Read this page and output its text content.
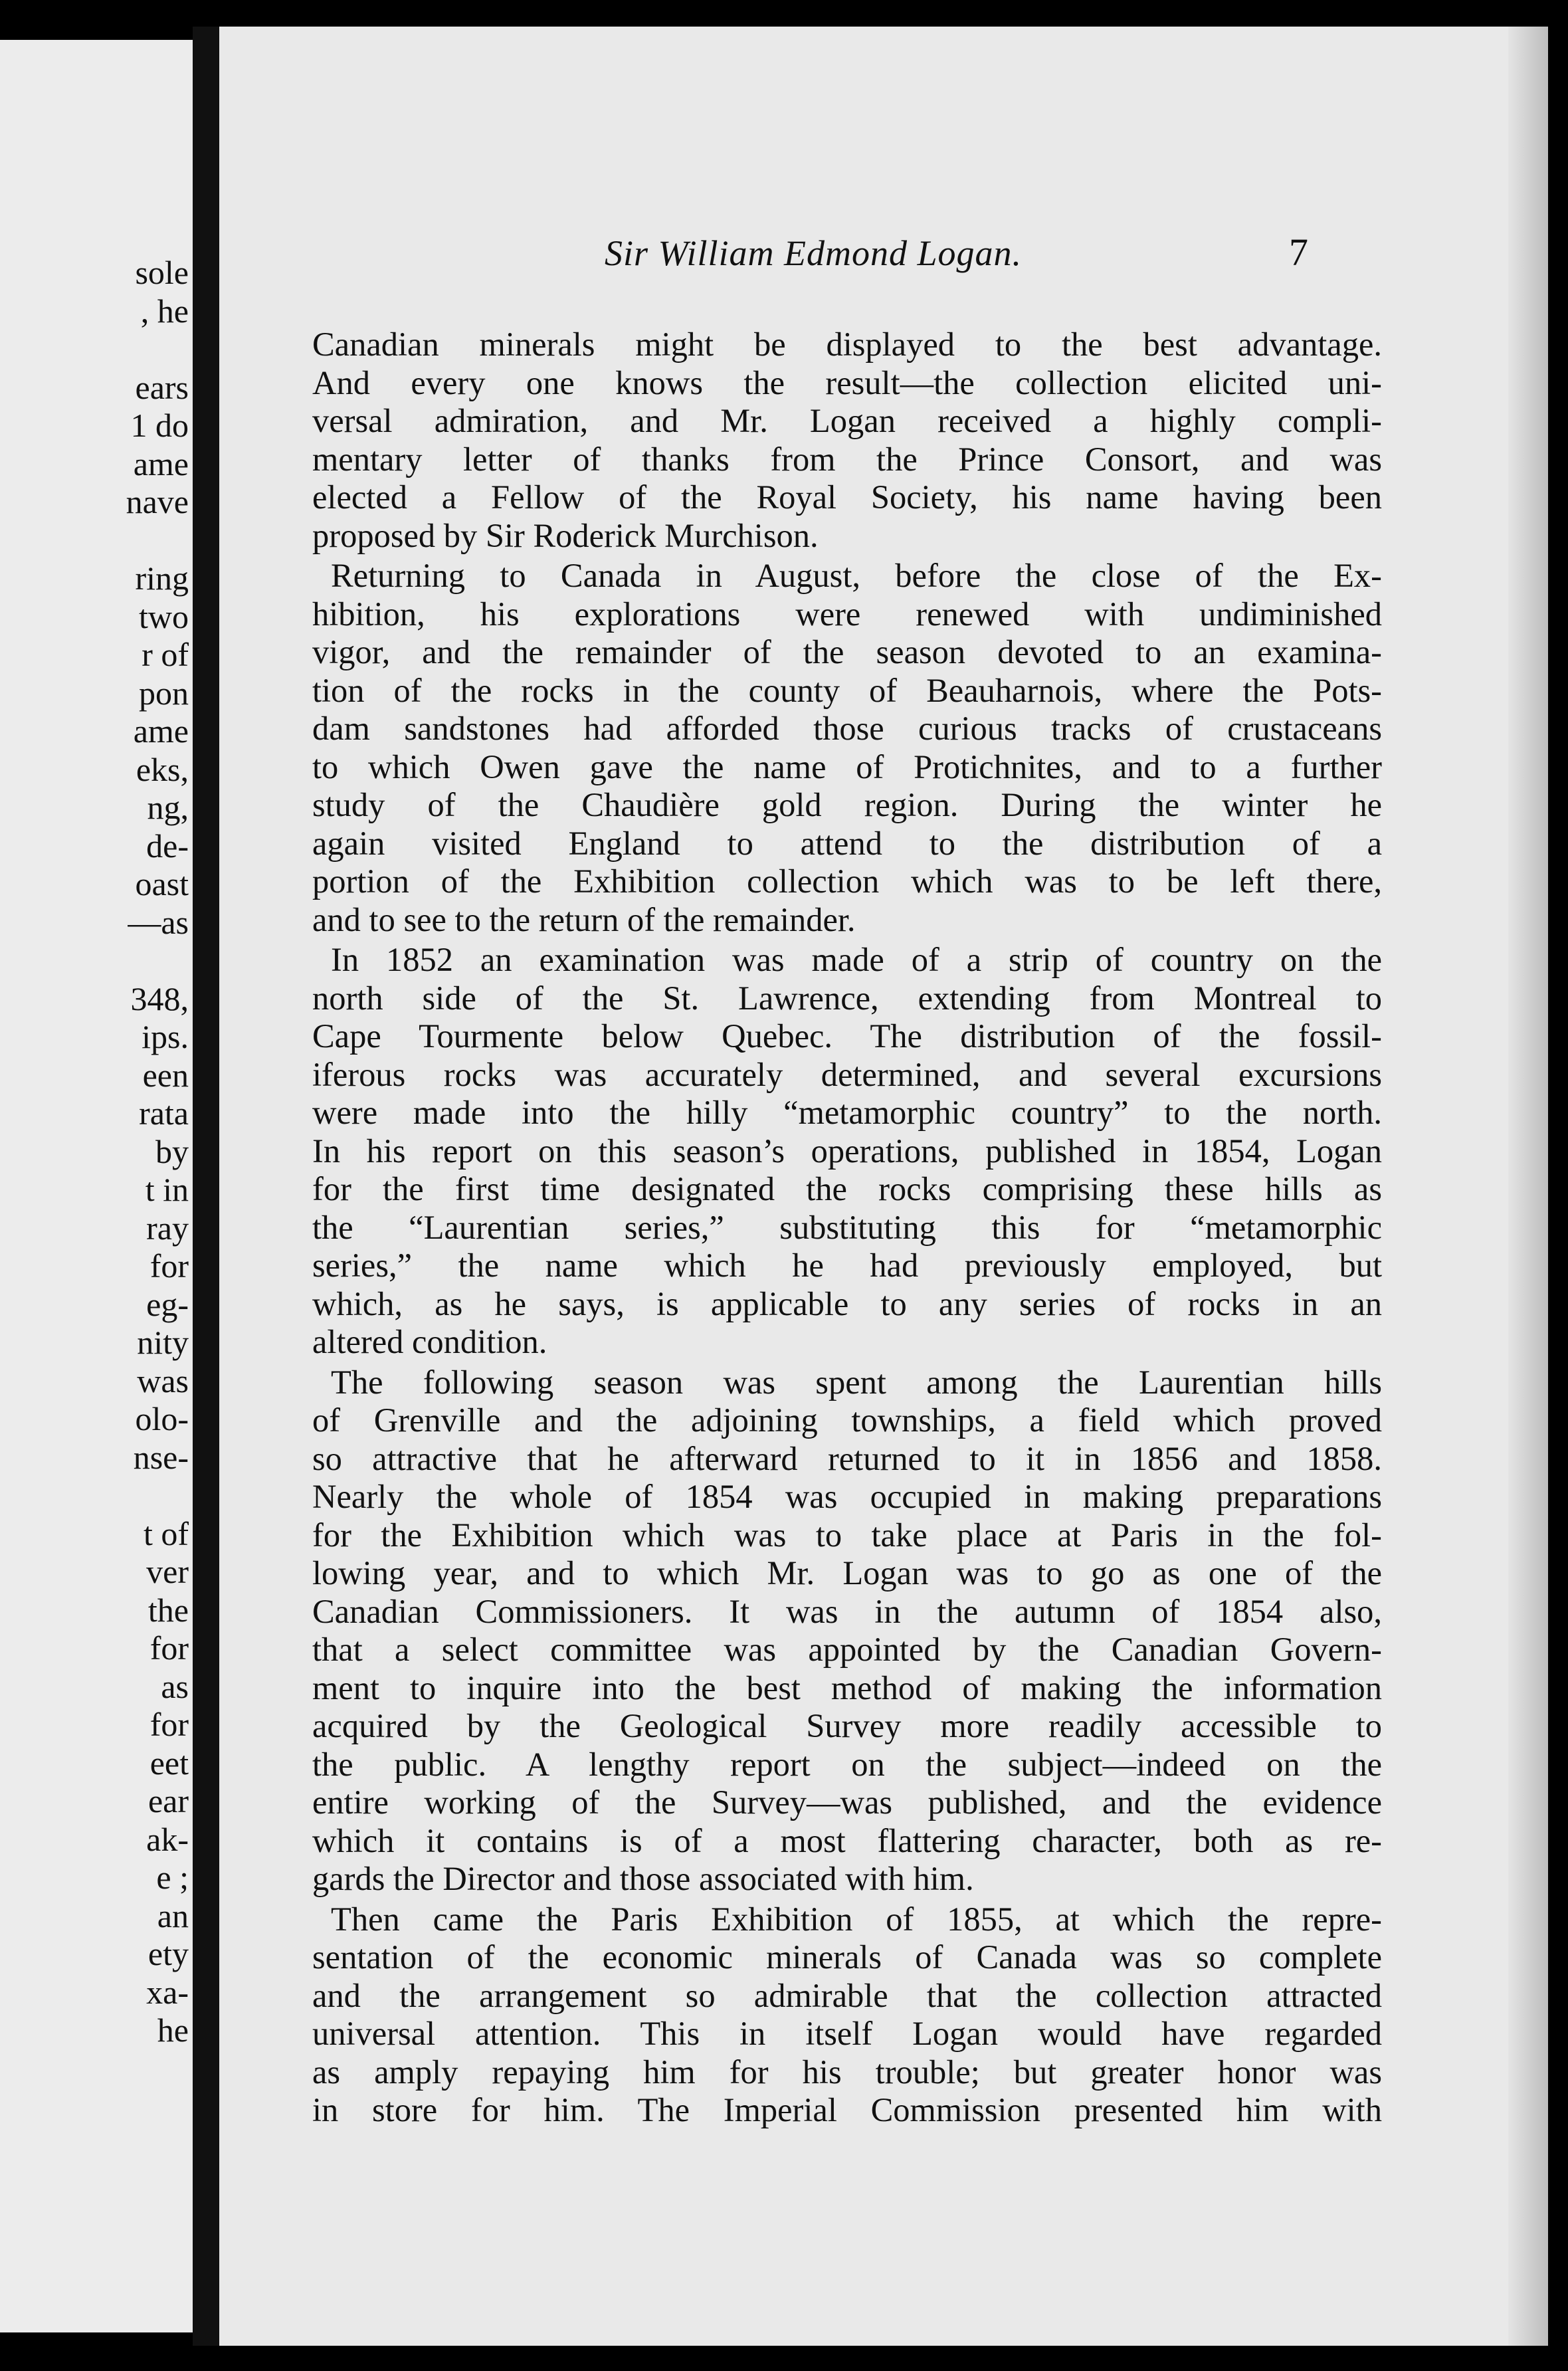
sole
, he
ears
1 do
ame
nave
ring
two
r of
pon
ame
eks,
ng,
de-
oast
—as
348,
ips.
een
rata
by
t in
ray
for
eg-
nity
was
olo-
nse-
t of
ver
the
for
as
for
eet
ear
ak-
e ;
an
ety
xa-
he
Sir William Edmond Logan.	7
Canadian minerals might be displayed to the best advantage.
And every one knows the result—the collection elicited uni-
versal admiration, and Mr. Logan received a highly compli-
mentary letter of thanks from the Prince Consort, and was
elected a Fellow of the Royal Society, his name having been
proposed by Sir Roderick Murchison.
Returning to Canada in August, before the close of the Ex-
hibition, his explorations were renewed with undiminished
vigor, and the remainder of the season devoted to an examina-
tion of the rocks in the county of Beauharnois, where the Pots-
dam sandstones had afforded those curious tracks of crustaceans
to which Owen gave the name of Protichnites, and to a further
study of the Chaudière gold region. During the winter he
again visited England to attend to the distribution of a
portion of the Exhibition collection which was to be left there,
and to see to the return of the remainder.
In 1852 an examination was made of a strip of country on the
north side of the St. Lawrence, extending from Montreal to
Cape Tourmente below Quebec. The distribution of the fossil-
iferous rocks was accurately determined, and several excursions
were made into the hilly “metamorphic country” to the north.
In his report on this season’s operations, published in 1854, Logan
for the first time designated the rocks comprising these hills as
the “Laurentian series,” substituting this for “metamorphic
series,” the name which he had previously employed, but
which, as he says, is applicable to any series of rocks in an
altered condition.
The following season was spent among the Laurentian hills
of Grenville and the adjoining townships, a field which proved
so attractive that he afterward returned to it in 1856 and 1858.
Nearly the whole of 1854 was occupied in making preparations
for the Exhibition which was to take place at Paris in the fol-
lowing year, and to which Mr. Logan was to go as one of the
Canadian Commissioners. It was in the autumn of 1854 also,
that a select committee was appointed by the Canadian Govern-
ment to inquire into the best method of making the information
acquired by the Geological Survey more readily accessible to
the public. A lengthy report on the subject—indeed on the
entire working of the Survey—was published, and the evidence
which it contains is of a most flattering character, both as re-
gards the Director and those associated with him.
Then came the Paris Exhibition of 1855, at which the repre-
sentation of the economic minerals of Canada was so complete
and the arrangement so admirable that the collection attracted
universal attention. This in itself Logan would have regarded
as amply repaying him for his trouble; but greater honor was
in store for him. The Imperial Commission presented him with
